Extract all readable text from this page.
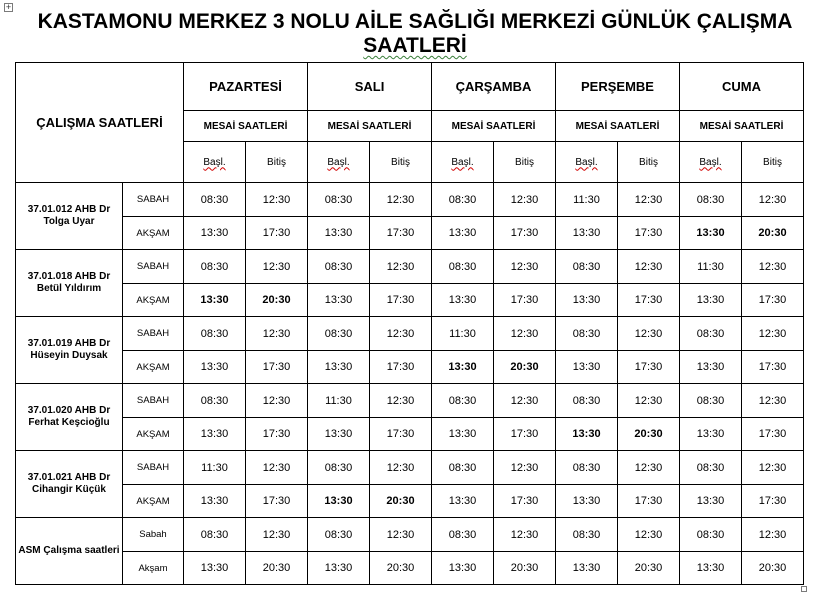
+
KASTAMONU MERKEZ 3 NOLU AİLE SAĞLIĞI MERKEZİ GÜNLÜK ÇALIŞMA
SAATLERİ
ÇALIŞMA SAATLERİ		PAZARTESİ		SALI		ÇARŞAMBA		PERŞEMBE		CUMA	
		MESAİ SAATLERİ		MESAİ SAATLERİ		MESAİ SAATLERİ		MESAİ SAATLERİ		MESAİ SAATLERİ	
		Başl.	Bitiş	Başl.	Bitiş	Başl.	Bitiş	Başl.	Bitiş	Başl.	Bitiş
37.01.012 AHB Dr Tolga Uyar	SABAH	08:30	12:30	08:30	12:30	08:30	12:30	11:30	12:30	08:30	12:30
	AKŞAM	13:30	17:30	13:30	17:30	13:30	17:30	13:30	17:30	13:30	20:30
37.01.018 AHB Dr Betül Yıldırım	SABAH	08:30	12:30	08:30	12:30	08:30	12:30	08:30	12:30	11:30	12:30
	AKŞAM	13:30	20:30	13:30	17:30	13:30	17:30	13:30	17:30	13:30	17:30
37.01.019 AHB Dr Hüseyin Duysak	SABAH	08:30	12:30	08:30	12:30	11:30	12:30	08:30	12:30	08:30	12:30
	AKŞAM	13:30	17:30	13:30	17:30	13:30	20:30	13:30	17:30	13:30	17:30
37.01.020 AHB Dr Ferhat Keşcioğlu	SABAH	08:30	12:30	11:30	12:30	08:30	12:30	08:30	12:30	08:30	12:30
	AKŞAM	13:30	17:30	13:30	17:30	13:30	17:30	13:30	20:30	13:30	17:30
37.01.021 AHB Dr Cihangir Küçük	SABAH	11:30	12:30	08:30	12:30	08:30	12:30	08:30	12:30	08:30	12:30
	AKŞAM	13:30	17:30	13:30	20:30	13:30	17:30	13:30	17:30	13:30	17:30
ASM Çalışma saatleri	Sabah	08:30	12:30	08:30	12:30	08:30	12:30	08:30	12:30	08:30	12:30
	Akşam	13:30	20:30	13:30	20:30	13:30	20:30	13:30	20:30	13:30	20:30
